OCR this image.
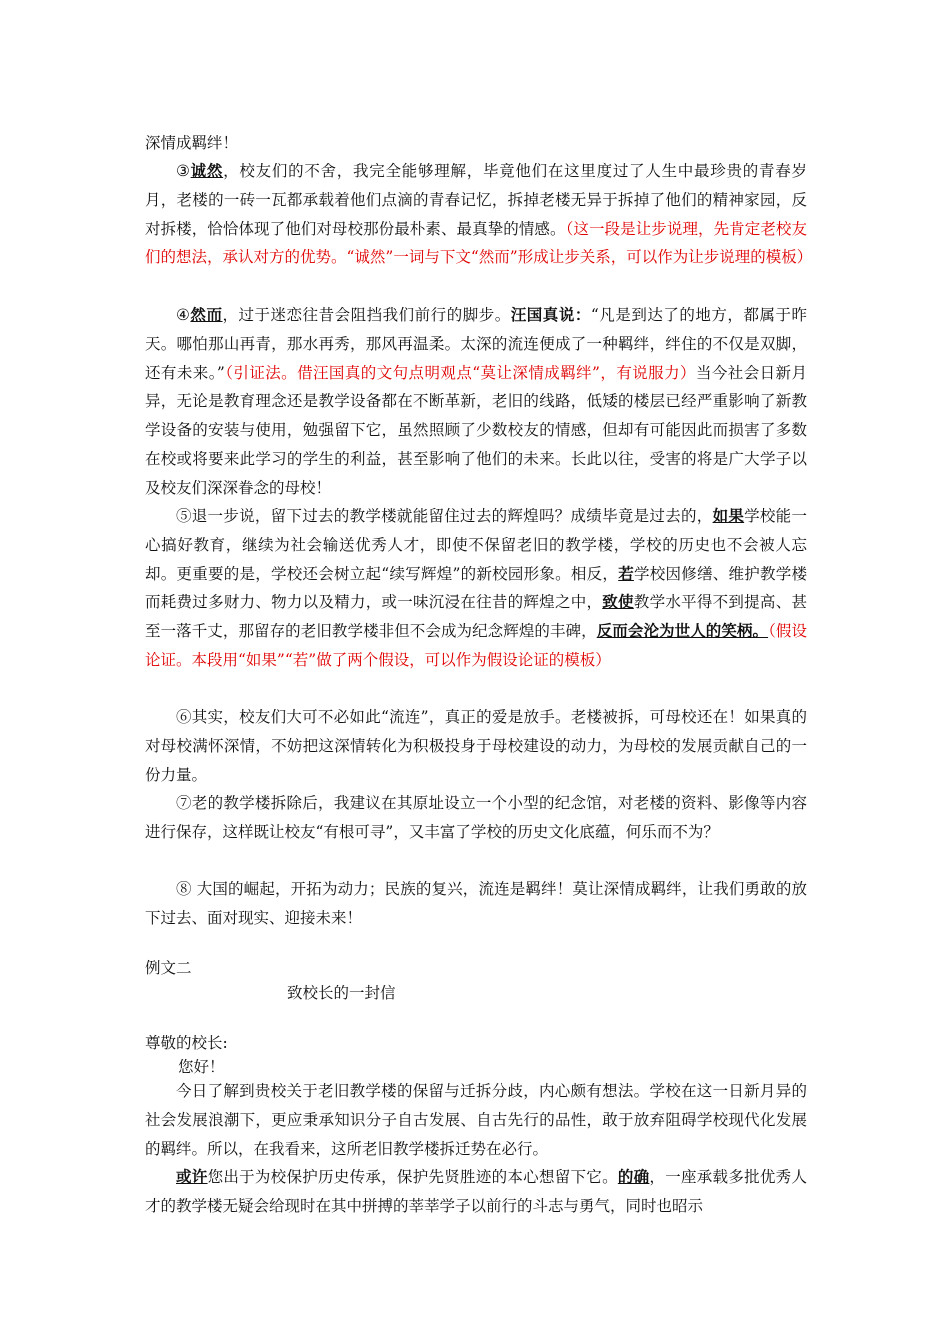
深情成羁绊！

③诚然，校友们的不舍，我完全能够理解，毕竟他们在这里度过了人生中最珍贵的青春岁月，老楼的一砖一瓦都承载着他们点滴的青春记忆，拆掉老楼无异于拆掉了他们的精神家园，反对拆楼，恰恰体现了他们对母校那份最朴素、最真挚的情感。（这一段是让步说理，先肯定老校友们的想法，承认对方的优势。“诚然”一词与下文“然而”形成让步关系，可以作为让步说理的模板）

④然而，过于迷恋往昔会阻挡我们前行的脚步。汪国真说：“凡是到达了的地方，都属于昨天。哪怕那山再青，那水再秀，那风再温柔。太深的流连便成了一种羁绊，绊住的不仅是双脚，还有未来。”（引证法。借汪国真的文句点明观点“莫让深情成羁绊”，有说服力）当今社会日新月异，无论是教育理念还是教学设备都在不断革新，老旧的线路，低矮的楼层已经严重影响了新教学设备的安装与使用，勉强留下它，虽然照顾了少数校友的情感，但却有可能因此而损害了多数在校或将要来此学习的学生的利益，甚至影响了他们的未来。长此以往，受害的将是广大学子以及校友们深深眷念的母校！

⑤退一步说，留下过去的教学楼就能留住过去的辉煌吗？成绩毕竟是过去的，如果学校能一心搞好教育，继续为社会输送优秀人才，即使不保留老旧的教学楼，学校的历史也不会被人忘却。更重要的是，学校还会树立起“续写辉煌”的新校园形象。相反，若学校因修缮、维护教学楼而耗费过多财力、物力以及精力，或一味沉浸在往昔的辉煌之中，致使教学水平得不到提高、甚至一落千丈，那留存的老旧教学楼非但不会成为纪念辉煌的丰碑，反而会沦为世人的笑柄。（假设论证。本段用“如果”“若”做了两个假设，可以作为假设论证的模板）

⑥其实，校友们大可不必如此“流连”，真正的爱是放手。老楼被拆，可母校还在！如果真的对母校满怀深情，不妨把这深情转化为积极投身于母校建设的动力，为母校的发展贡献自己的一份力量。

⑦老的教学楼拆除后，我建议在其原址设立一个小型的纪念馆，对老楼的资料、影像等内容进行保存，这样既让校友“有根可寻”，又丰富了学校的历史文化底蕴，何乐而不为？

⑧ 大国的崛起，开拓为动力；民族的复兴，流连是羁绊！莫让深情成羁绊，让我们勇敢的放下过去、面对现实、迎接未来！

例文二

致校长的一封信

尊敬的校长:

您好！

今日了解到贵校关于老旧教学楼的保留与迁拆分歧，内心颇有想法。学校在这一日新月异的社会发展浪潮下，更应秉承知识分子自古发展、自古先行的品性，敢于放弃阻碍学校现代化发展的羁绊。所以，在我看来，这所老旧教学楼拆迁势在必行。

或许您出于为校保护历史传承，保护先贤胜迹的本心想留下它。的确，一座承载多批优秀人才的教学楼无疑会给现时在其中拼搏的莘莘学子以前行的斗志与勇气，同时也昭示
